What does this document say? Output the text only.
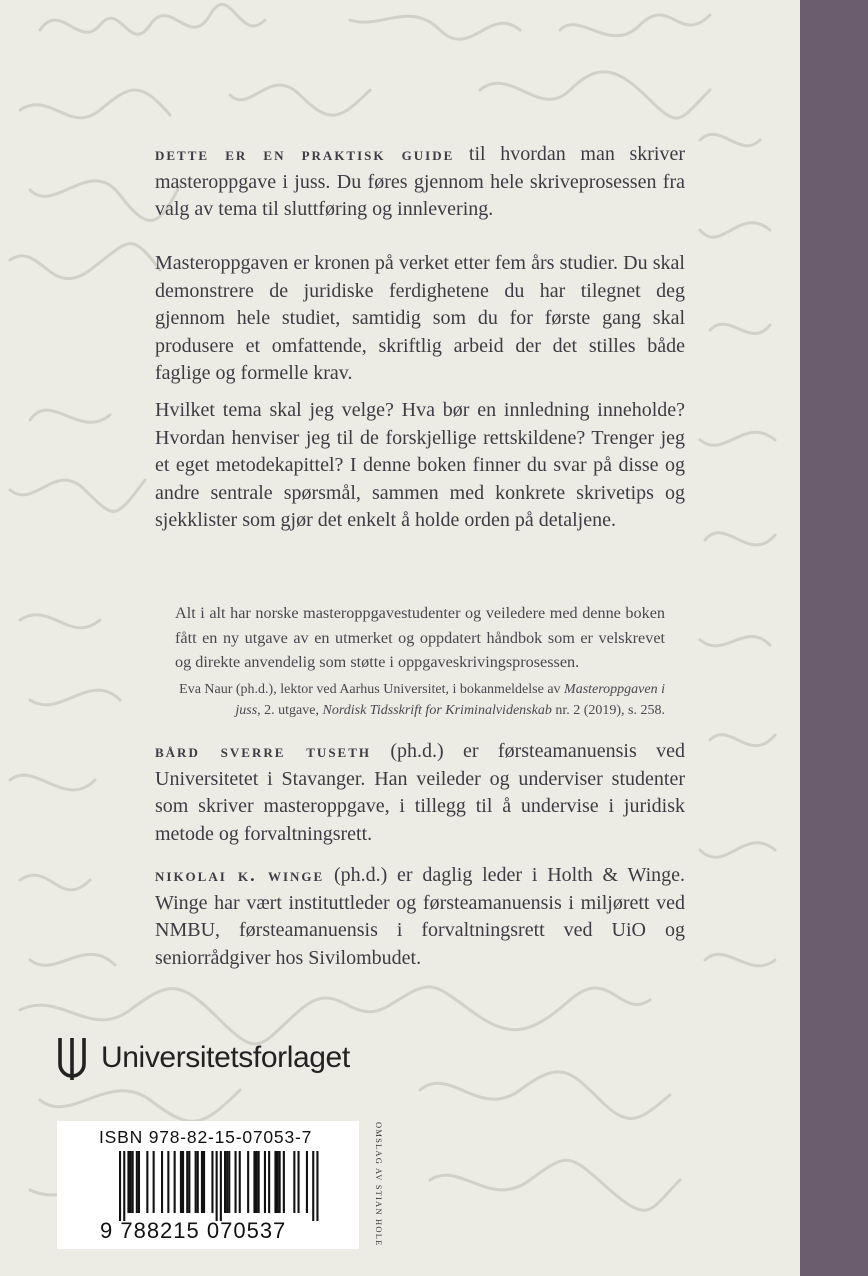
dette er en praktisk guide til hvordan man skriver masteroppgave i juss. Du føres gjennom hele skriveprosessen fra valg av tema til sluttføring og innlevering.

Masteroppgaven er kronen på verket etter fem års studier. Du skal demonstrere de juridiske ferdighetene du har tilegnet deg gjennom hele studiet, samtidig som du for første gang skal produsere et omfattende, skriftlig arbeid der det stilles både faglige og formelle krav.

Hvilket tema skal jeg velge? Hva bør en innledning inneholde? Hvordan henviser jeg til de forskjellige rettskildene? Trenger jeg et eget metodekapittel? I denne boken finner du svar på disse og andre sentrale spørsmål, sammen med konkrete skrivetips og sjekklister som gjør det enkelt å holde orden på detaljene.

Alt i alt har norske masteroppgavestudenter og veiledere med denne boken fått en ny utgave av en utmerket og oppdatert håndbok som er velskrevet og direkte anvendelig som støtte i oppgaveskrivingsprosessen.

Eva Naur (ph.d.), lektor ved Aarhus Universitet, i bokanmeldelse av Masteroppgaven i juss, 2. utgave, Nordisk Tidsskrift for Kriminalvidenskab nr. 2 (2019), s. 258.

bård sverre tuseth (ph.d.) er førsteamanuensis ved Universitetet i Stavanger. Han veileder og underviser studenter som skriver masteroppgave, i tillegg til å undervise i juridisk metode og forvaltningsrett.

nikolai k. winge (ph.d.) er daglig leder i Holth & Winge. Winge har vært instituttleder og førsteamanuensis i miljørett ved NMBU, førsteamanuensis i forvaltningsrett ved UiO og seniorrådgiver hos Sivilombudet.

Universitetsforlaget
ISBN 978-82-15-07053-7
9 788215 070537	OMSLAG AV STIAN HOLE
